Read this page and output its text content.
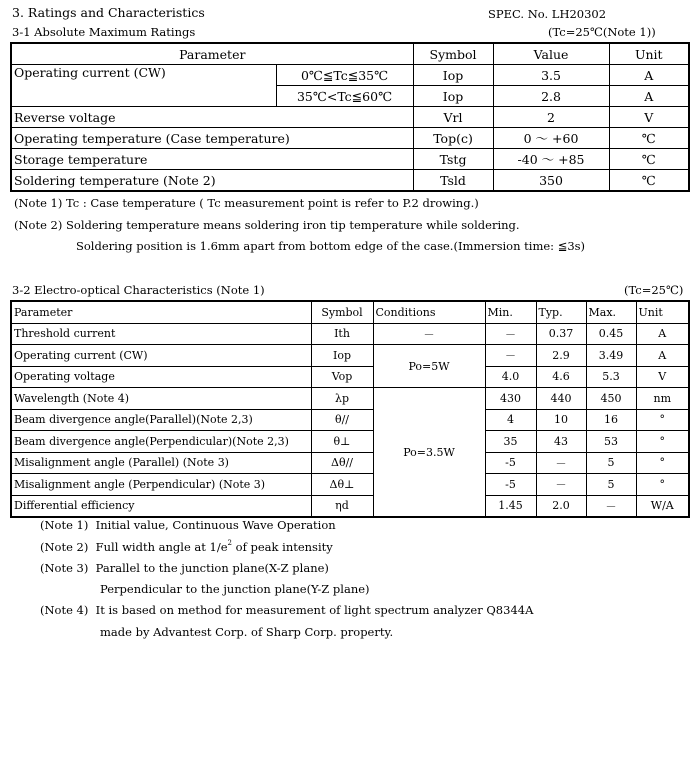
3. Ratings and Characteristics	SPEC. No. LH20302
3-1 Absolute Maximum Ratings	(Tc=25℃(Note 1))
Parameter		Symbol	Value	Unit
Operating current (CW)	0℃≦Tc≦35℃	Iop	3.5	A
	35℃<Tc≦60℃	Iop	2.8	A
Reverse voltage		Vrl	2	V
Operating temperature (Case temperature)		Top(c)	0 ～ +60	℃
Storage temperature		Tstg	-40 ～ +85	℃
Soldering temperature (Note 2)		Tsld	350	℃
(Note 1) Tc : Case temperature ( Tc measurement point is refer to P.2 drowing.)
(Note 2) Soldering temperature means soldering iron tip temperature while soldering.
Soldering position is 1.6mm apart from bottom edge of the case.(Immersion time: ≦3s)
3-2 Electro-optical Characteristics (Note 1)	(Tc=25℃)
Parameter	Symbol	Conditions	Min.	Typ.	Max.	Unit
Threshold current	Ith	－	－	0.37	0.45	A
Operating current (CW)	Iop	Po=5W	－	2.9	3.49	A
Operating voltage	Vop		4.0	4.6	5.3	V
Wavelength (Note 4)	λp	Po=3.5W	430	440	450	nm
Beam divergence angle(Parallel)(Note 2,3)	θ//		4	10	16	°
Beam divergence angle(Perpendicular)(Note 2,3)	θ⊥		35	43	53	°
Misalignment angle (Parallel) (Note 3)	Δθ//		-5	－	5	°
Misalignment angle (Perpendicular) (Note 3)	Δθ⊥		-5	－	5	°
Differential efficiency	ηd		1.45	2.0	－	W/A
(Note 1) Initial value, Continuous Wave Operation
(Note 2) Full width angle at $1/e^2$ of peak intensity
(Note 3) Parallel to the junction plane(X-Z plane)
Perpendicular to the junction plane(Y-Z plane)
(Note 4) It is based on method for measurement of light spectrum analyzer Q8344A
made by Advantest Corp. of Sharp Corp. property.
